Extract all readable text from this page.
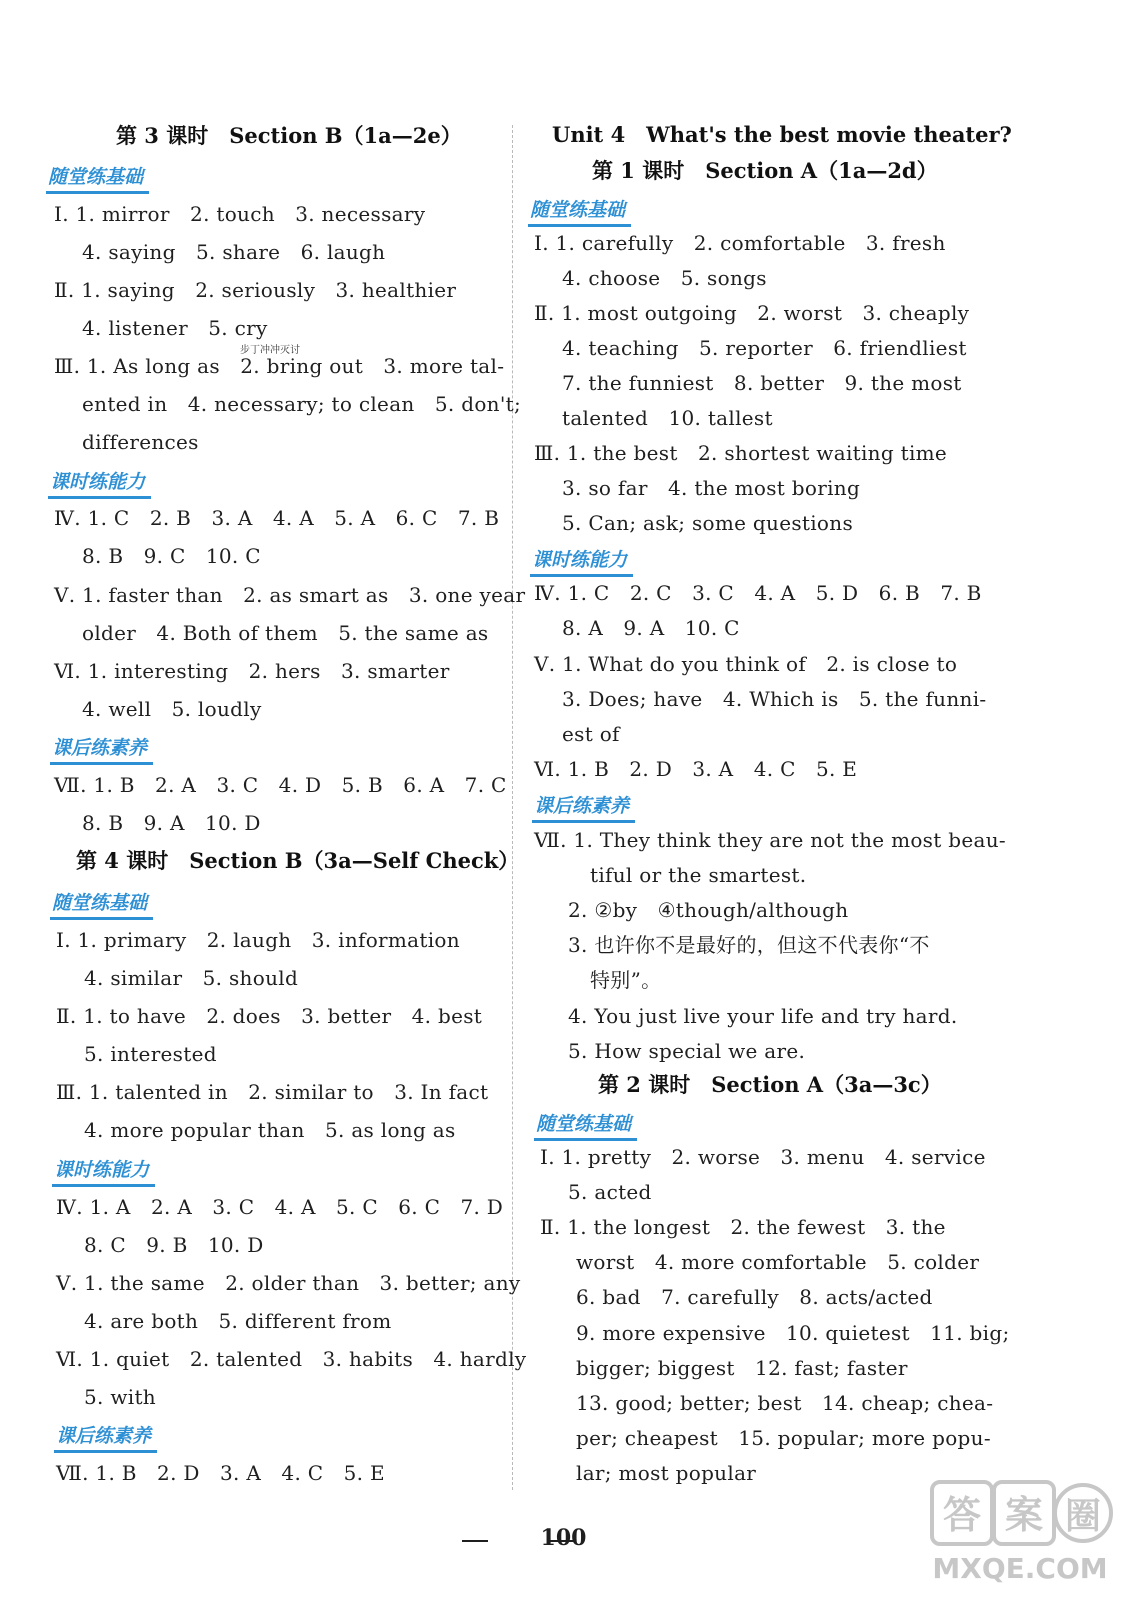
第 3 课时　Section B（1a—2e）
随堂练基础
Ⅰ. 1. mirror　2. touch　3. necessary
4. saying　5. share　6. laugh
Ⅱ. 1. saying　2. seriously　3. healthier
4. listener　5. cry
Ⅲ. 1. As long as　2. bring out　3. more tal-
ented in　4. necessary; to clean　5. don't;
differences
课时练能力
Ⅳ. 1. C　2. B　3. A　4. A　5. A　6. C　7. B
8. B　9. C　10. C
Ⅴ. 1. faster than　2. as smart as　3. one year
older　4. Both of them　5. the same as
Ⅵ. 1. interesting　2. hers　3. smarter
4. well　5. loudly
课后练素养
Ⅶ. 1. B　2. A　3. C　4. D　5. B　6. A　7. C
8. B　9. A　10. D
第 4 课时　Section B（3a—Self Check）
随堂练基础
Ⅰ. 1. primary　2. laugh　3. information
4. similar　5. should
Ⅱ. 1. to have　2. does　3. better　4. best
5. interested
Ⅲ. 1. talented in　2. similar to　3. In fact
4. more popular than　5. as long as
课时练能力
Ⅳ. 1. A　2. A　3. C　4. A　5. C　6. C　7. D
8. C　9. B　10. D
Ⅴ. 1. the same　2. older than　3. better; any
4. are both　5. different from
Ⅵ. 1. quiet　2. talented　3. habits　4. hardly
5. with
课后练素养
Ⅶ. 1. B　2. D　3. A　4. C　5. E
步丁冲冲灭讨
Unit 4　What's the best movie theater?
第 1 课时　Section A（1a—2d）
随堂练基础
Ⅰ. 1. carefully　2. comfortable　3. fresh
4. choose　5. songs
Ⅱ. 1. most outgoing　2. worst　3. cheaply
4. teaching　5. reporter　6. friendliest
7. the funniest　8. better　9. the most
talented　10. tallest
Ⅲ. 1. the best　2. shortest waiting time
3. so far　4. the most boring
5. Can; ask; some questions
课时练能力
Ⅳ. 1. C　2. C　3. C　4. A　5. D　6. B　7. B
8. A　9. A　10. C
Ⅴ. 1. What do you think of　2. is close to
3. Does; have　4. Which is　5. the funni-
est of
Ⅵ. 1. B　2. D　3. A　4. C　5. E
课后练素养
Ⅶ. 1. They think they are not the most beau-
tiful or the smartest.
2. ②by　④though/although
3. 也许你不是最好的，但这不代表你“不
特别”。
4. You just live your life and try hard.
5. How special we are.
第 2 课时　Section A（3a—3c）
随堂练基础
Ⅰ. 1. pretty　2. worse　3. menu　4. service
5. acted
Ⅱ. 1. the longest　2. the fewest　3. the
worst　4. more comfortable　5. colder
6. bad　7. carefully　8. acts/acted
9. more expensive　10. quietest　11. big;
bigger; biggest　12. fast; faster
13. good; better; best　14. cheap; chea-
per; cheapest　15. popular; more popu-
lar; most popular
100
答 案 圈
MXQE.COM
